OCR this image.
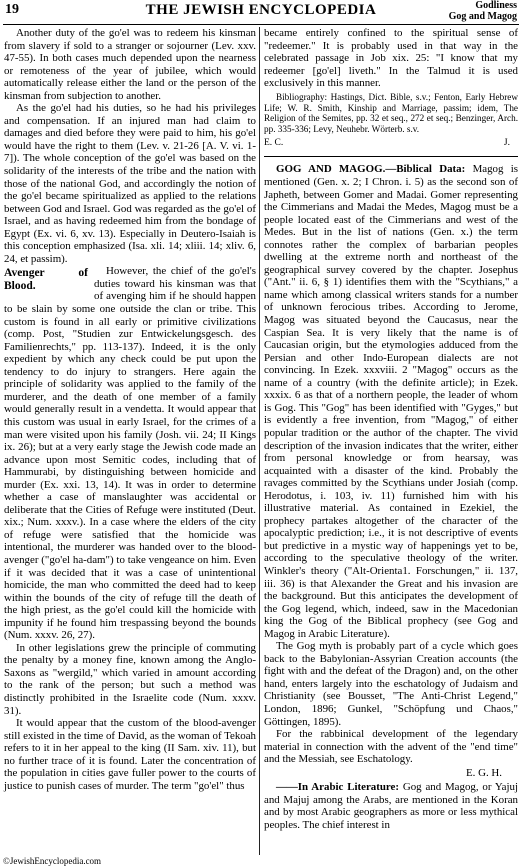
19	THE JEWISH ENCYCLOPEDIA	Godliness
Gog and Magog

Another duty of the go'el was to redeem his kinsman from slavery if sold to a stranger or sojourner (Lev. xxv. 47-55). In both cases much depended upon the nearness or remoteness of the year of jubilee, which would automatically release either the land or the person of the kinsman from subjection to another.

As the go'el had his duties, so he had his privileges and compensation. If an injured man had claim to damages and died before they were paid to him, his go'el would have the right to them (Lev. v. 21-26 [A. V. vi. 1-7]). The whole conception of the go'el was based on the solidarity of the interests of the tribe and the nation with those of the national God, and accordingly the notion of the go'el became spiritualized as applied to the relations between God and Israel. God was regarded as the go'el of Israel, and as having redeemed him from the bondage of Egypt (Ex. vi. 6, xv. 13). Especially in Deutero-Isaiah is this conception emphasized (Isa. xli. 14; xliii. 14; xliv. 6, 24, et passim).

Avenger of Blood.

However, the chief of the go'el's duties toward his kinsman was that of avenging him if he should happen to be slain by some one outside the clan or tribe. This custom is found in all early or primitive civilizations (comp. Post, "Studien zur Entwickelungsgesch. des Familienrechts," pp. 113-137). Indeed, it is the only expedient by which any check could be put upon the tendency to do injury to strangers. Here again the principle of solidarity was applied to the family of the murderer, and the death of one member of a family would generally result in a vendetta. It would appear that this custom was usual in early Israel, for the crimes of a man were visited upon his family (Josh. vii. 24; II Kings ix. 26); but at a very early stage the Jewish code made an advance upon most Semitic codes, including that of Hammurabi, by distinguishing between homicide and murder (Ex. xxi. 13, 14). It was in order to determine whether a case of manslaughter was accidental or deliberate that the Cities of Refuge were instituted (Deut. xix.; Num. xxxv.). In a case where the elders of the city of refuge were satisfied that the homicide was intentional, the murderer was handed over to the blood-avenger ("go'el ha-dam") to take vengeance on him. Even if it was decided that it was a case of unintentional homicide, the man who committed the deed had to keep within the bounds of the city of refuge till the death of the high priest, as the go'el could kill the homicide with impunity if he found him trespassing beyond the bounds (Num. xxxv. 26, 27).

In other legislations grew the principle of commuting the penalty by a money fine, known among the Anglo-Saxons as "wergild," which varied in amount according to the rank of the person; but such a method was distinctly prohibited in the Israelite code (Num. xxxv. 31).

It would appear that the custom of the blood-avenger still existed in the time of David, as the woman of Tekoah refers to it in her appeal to the king (II Sam. xiv. 11), but no further trace of it is found. Later the concentration of the population in cities gave fuller power to the courts of justice to punish cases of murder. The term "go'el" thus

became entirely confined to the spiritual sense of "redeemer." It is probably used in that way in the celebrated passage in Job xix. 25: "I know that my redeemer [go'el] liveth." In the Talmud it is used exclusively in this manner.

Bibliography: Hastings, Dict. Bible, s.v.; Fenton, Early Hebrew Life; W. R. Smith, Kinship and Marriage, passim; idem, The Religion of the Semites, pp. 32 et seq., 272 et seq.; Benzinger, Arch. pp. 335-336; Levy, Neuhebr. Wörterb. s.v.

E. C.	J.

GOG AND MAGOG.—Biblical Data: Magog is mentioned (Gen. x. 2; I Chron. i. 5) as the second son of Japheth, between Gomer and Madai. Gomer representing the Cimmerians and Madai the Medes, Magog must be a people located east of the Cimmerians and west of the Medes. But in the list of nations (Gen. x.) the term connotes rather the complex of barbarian peoples dwelling at the extreme north and northeast of the geographical survey covered by the chapter. Josephus ("Ant." ii. 6, § 1) identifies them with the "Scythians," a name which among classical writers stands for a number of unknown ferocious tribes. According to Jerome, Magog was situated beyond the Caucasus, near the Caspian Sea. It is very likely that the name is of Caucasian origin, but the etymologies adduced from the Persian and other Indo-European dialects are not convincing. In Ezek. xxxviii. 2 "Magog" occurs as the name of a country (with the definite article); in Ezek. xxxix. 6 as that of a northern people, the leader of whom is Gog. This "Gog" has been identified with "Gyges," but is evidently a free invention, from "Magog," of either popular tradition or the author of the chapter. The vivid description of the invasion indicates that the writer, either from personal knowledge or from hearsay, was acquainted with a disaster of the kind. Probably the ravages committed by the Scythians under Josiah (comp. Herodotus, i. 103, iv. 11) furnished him with his illustrative material. As contained in Ezekiel, the prophecy partakes altogether of the character of the apocalyptic prediction; i.e., it is not descriptive of events but predictive in a mystic way of happenings yet to be, according to the speculative theology of the writer. Winkler's theory ("Alt-Orienta1. Forschungen," ii. 137, iii. 36) is that Alexander the Great and his invasion are the background. But this anticipates the development of the Gog legend, which, indeed, saw in the Macedonian king the Gog of the Biblical prophecy (see Gog and Magog in Arabic Literature).

The Gog myth is probably part of a cycle which goes back to the Babylonian-Assyrian Creation accounts (the fight with and the defeat of the Dragon) and, on the other hand, enters largely into the eschatology of Judaism and Christianity (see Bousset, "The Anti-Christ Legend," London, 1896; Gunkel, "Schöpfung und Chaos," Göttingen, 1895).

For the rabbinical development of the legendary material in connection with the advent of the "end time" and the Messiah, see Eschatology.

E. G. H.

——In Arabic Literature: Gog and Magog, or Yajuj and Majuj among the Arabs, are mentioned in the Koran and by most Arabic geographers as more or less mythical peoples. The chief interest in

©JewishEncyclopedia.com
